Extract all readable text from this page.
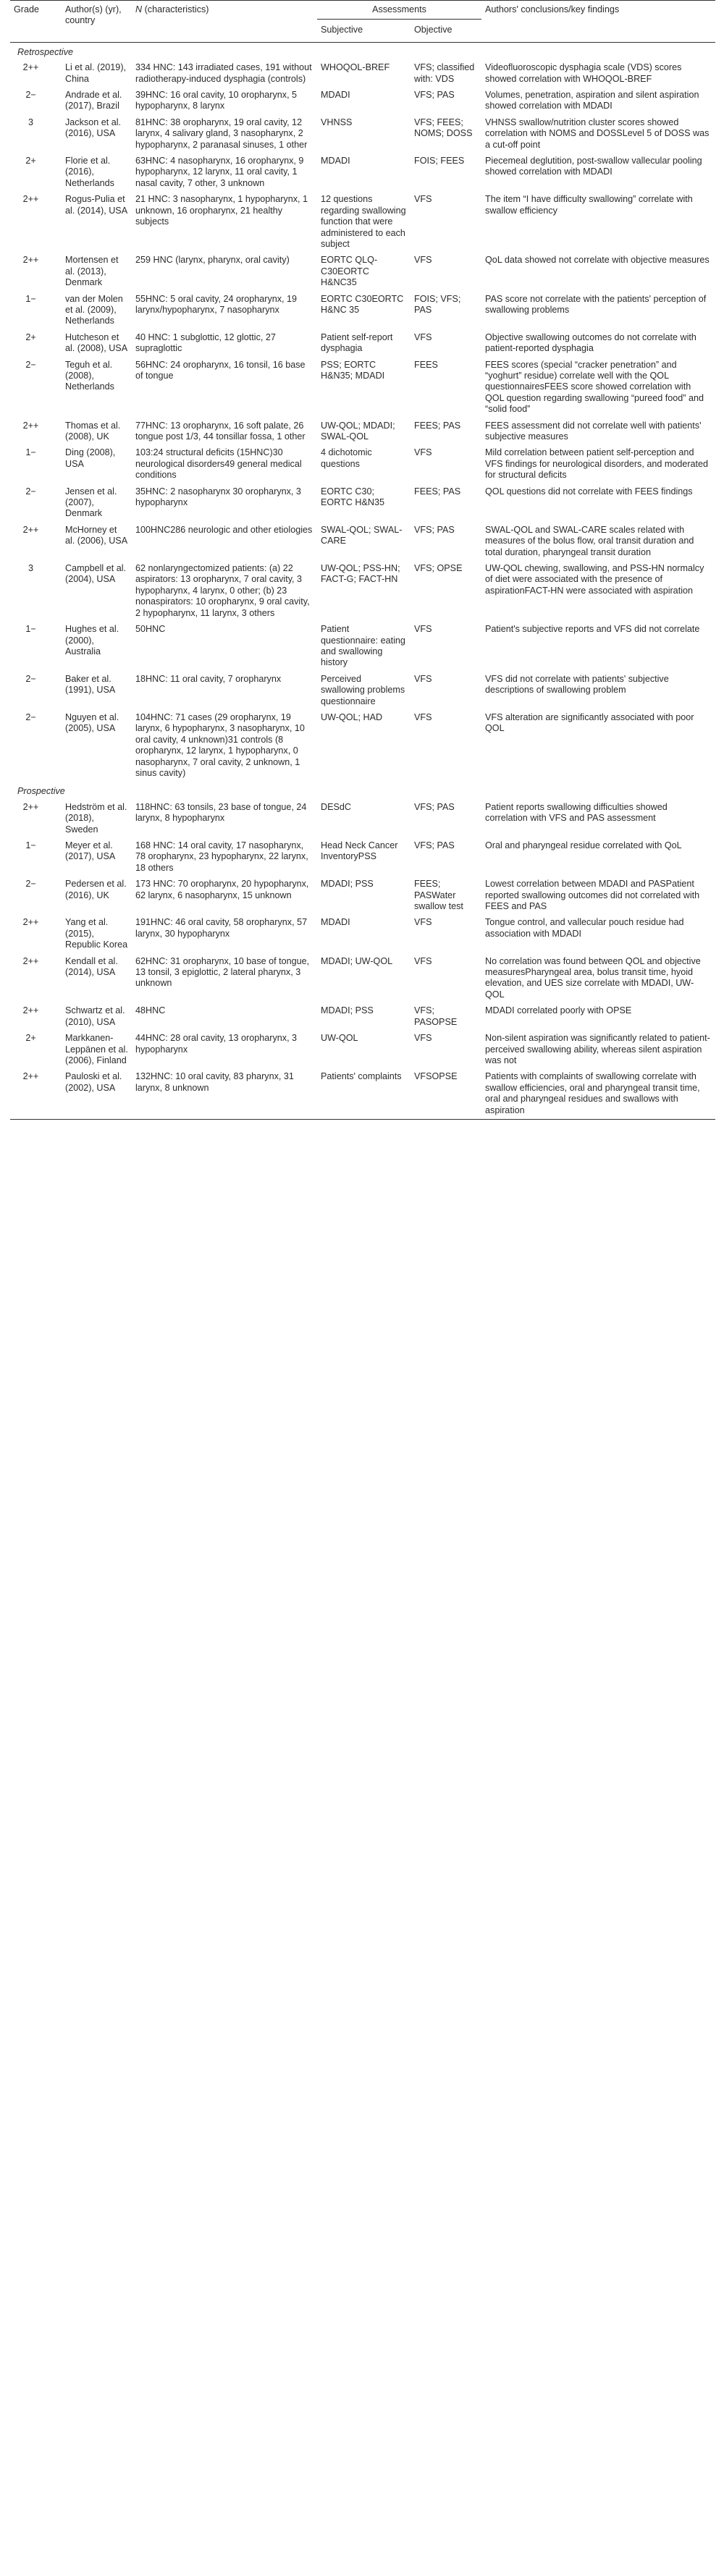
Grade	Author(s) (yr), country	N (characteristics)	Assessments		Authors' conclusions/key findings
			Subjective	Objective	
Retrospective					
2++	Li et al. (2019), China	334 HNC: 143 irradiated cases, 191 without radiotherapy-induced dysphagia (controls)	WHOQOL-BREF	VFS; classified with: VDS	Videofluoroscopic dysphagia scale (VDS) scores showed correlation with WHOQOL-BREF
2−	Andrade et al. (2017), Brazil	39HNC: 16 oral cavity, 10 oropharynx, 5 hypopharynx, 8 larynx	MDADI	VFS; PAS	Volumes, penetration, aspiration and silent aspiration showed correlation with MDADI
3	Jackson et al. (2016), USA	81HNC: 38 oropharynx, 19 oral cavity, 12 larynx, 4 salivary gland, 3 nasopharynx, 2 hypopharynx, 2 paranasal sinuses, 1 other	VHNSS	VFS; FEES; NOMS; DOSS	VHNSS swallow/nutrition cluster scores showed correlation with NOMS and DOSSLevel 5 of DOSS was a cut-off point
2+	Florie et al. (2016), Netherlands	63HNC: 4 nasopharynx, 16 oropharynx, 9 hypopharynx, 12 larynx, 11 oral cavity, 1 nasal cavity, 7 other, 3 unknown	MDADI	FOIS; FEES	Piecemeal deglutition, post-swallow vallecular pooling showed correlation with MDADI
2++	Rogus-Pulia et al. (2014), USA	21 HNC: 3 nasopharynx, 1 hypopharynx, 1 unknown, 16 oropharynx, 21 healthy subjects	12 questions regarding swallowing function that were administered to each subject	VFS	The item “I have difficulty swallowing” correlate with swallow efficiency
2++	Mortensen et al. (2013), Denmark	259 HNC (larynx, pharynx, oral cavity)	EORTC QLQ-C30EORTC H&NC35	VFS	QoL data showed not correlate with objective measures
1−	van der Molen et al. (2009), Netherlands	55HNC: 5 oral cavity, 24 oropharynx, 19 larynx/hypopharynx, 7 nasopharynx	EORTC C30EORTC H&NC 35	FOIS; VFS; PAS	PAS score not correlate with the patients' perception of swallowing problems
2+	Hutcheson et al. (2008), USA	40 HNC: 1 subglottic, 12 glottic, 27 supraglottic	Patient self-report dysphagia	VFS	Objective swallowing outcomes do not correlate with patient-reported dysphagia
2−	Teguh et al. (2008), Netherlands	56HNC: 24 oropharynx, 16 tonsil, 16 base of tongue	PSS; EORTC H&N35; MDADI	FEES	FEES scores (special “cracker penetration” and “yoghurt” residue) correlate well with the QOL questionnairesFEES score showed correlation with QOL question regarding swallowing “pureed food” and “solid food”
2++	Thomas et al. (2008), UK	77HNC: 13 oropharynx, 16 soft palate, 26 tongue post 1/3, 44 tonsillar fossa, 1 other	UW-QOL; MDADI; SWAL-QOL	FEES; PAS	FEES assessment did not correlate well with patients' subjective measures
1−	Ding (2008), USA	103:24 structural deficits (15HNC)30 neurological disorders49 general medical conditions	4 dichotomic questions	VFS	Mild correlation between patient self-perception and VFS findings for neurological disorders, and moderated for structural deficits
2−	Jensen et al. (2007), Denmark	35HNC: 2 nasopharynx 30 oropharynx, 3 hypopharynx	EORTC C30; EORTC H&N35	FEES; PAS	QOL questions did not correlate with FEES findings
2++	McHorney et al. (2006), USA	100HNC286 neurologic and other etiologies	SWAL-QOL; SWAL-CARE	VFS; PAS	SWAL-QOL and SWAL-CARE scales related with measures of the bolus flow, oral transit duration and total duration, pharyngeal transit duration
3	Campbell et al. (2004), USA	62 nonlaryngectomized patients: (a) 22 aspirators: 13 oropharynx, 7 oral cavity, 3 hypopharynx, 4 larynx, 0 other; (b) 23 nonaspirators: 10 oropharynx, 9 oral cavity, 2 hypopharynx, 11 larynx, 3 others	UW-QOL; PSS-HN; FACT-G; FACT-HN	VFS; OPSE	UW-QOL chewing, swallowing, and PSS-HN normalcy of diet were associated with the presence of aspirationFACT-HN were associated with aspiration
1−	Hughes et al. (2000), Australia	50HNC	Patient questionnaire: eating and swallowing history	VFS	Patient's subjective reports and VFS did not correlate
2−	Baker et al. (1991), USA	18HNC: 11 oral cavity, 7 oropharynx	Perceived swallowing problems questionnaire	VFS	VFS did not correlate with patients' subjective descriptions of swallowing problem
2−	Nguyen et al. (2005), USA	104HNC: 71 cases (29 oropharynx, 19 larynx, 6 hypopharynx, 3 nasopharynx, 10 oral cavity, 4 unknown)31 controls (8 oropharynx, 12 larynx, 1 hypopharynx, 0 nasopharynx, 7 oral cavity, 2 unknown, 1 sinus cavity)	UW-QOL; HAD	VFS	VFS alteration are significantly associated with poor QOL
Prospective					
2++	Hedström et al. (2018), Sweden	118HNC: 63 tonsils, 23 base of tongue, 24 larynx, 8 hypopharynx	DESdC	VFS; PAS	Patient reports swallowing difficulties showed correlation with VFS and PAS assessment
1−	Meyer et al. (2017), USA	168 HNC: 14 oral cavity, 17 nasopharynx, 78 oropharynx, 23 hypopharynx, 22 larynx, 18 others	Head Neck Cancer InventoryPSS	VFS; PAS	Oral and pharyngeal residue correlated with QoL
2−	Pedersen et al. (2016), UK	173 HNC: 70 oropharynx, 20 hypopharynx, 62 larynx, 6 nasopharynx, 15 unknown	MDADI; PSS	FEES; PASWater swallow test	Lowest correlation between MDADI and PASPatient reported swallowing outcomes did not correlated with FEES and PAS
2++	Yang et al. (2015), Republic Korea	191HNC: 46 oral cavity, 58 oropharynx, 57 larynx, 30 hypopharynx	MDADI	VFS	Tongue control, and vallecular pouch residue had association with MDADI
2++	Kendall et al. (2014), USA	62HNC: 31 oropharynx, 10 base of tongue, 13 tonsil, 3 epiglottic, 2 lateral pharynx, 3 unknown	MDADI; UW-QOL	VFS	No correlation was found between QOL and objective measuresPharyngeal area, bolus transit time, hyoid elevation, and UES size correlate with MDADI, UW-QOL
2++	Schwartz et al. (2010), USA	48HNC	MDADI; PSS	VFS; PASOPSE	MDADI correlated poorly with OPSE
2+	Markkanen-Leppänen et al. (2006), Finland	44HNC: 28 oral cavity, 13 oropharynx, 3 hypopharynx	UW-QOL	VFS	Non-silent aspiration was significantly related to patient-perceived swallowing ability, whereas silent aspiration was not
2++	Pauloski et al. (2002), USA	132HNC: 10 oral cavity, 83 pharynx, 31 larynx, 8 unknown	Patients' complaints	VFSOPSE	Patients with complaints of swallowing correlate with swallow efficiencies, oral and pharyngeal transit time, oral and pharyngeal residues and swallows with aspiration
